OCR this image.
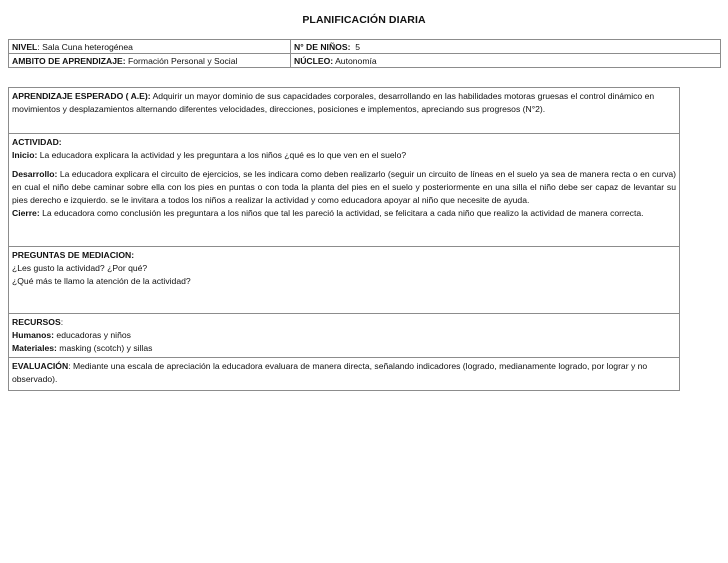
PLANIFICACIÓN DIARIA
NIVEL: Sala Cuna heterogénea	N° DE NIÑOS: 5
AMBITO DE APRENDIZAJE: Formación Personal y Social	NÚCLEO: Autonomía
APRENDIZAJE ESPERADO ( A.E): Adquirir un mayor dominio de sus capacidades corporales, desarrollando en las habilidades motoras gruesas el control dinámico en movimientos y desplazamientos alternando diferentes velocidades, direcciones, posiciones e implementos, apreciando sus progresos (N°2).

ACTIVIDAD:
Inicio: La educadora explicara la actividad y les preguntara a los niños ¿qué es lo que ven en el suelo?
Desarrollo: La educadora explicara el circuito de ejercicios, se les indicara como deben realizarlo (seguir un circuito de líneas en el suelo ya sea de manera recta o en curva) en cual el niño debe caminar sobre ella con los pies en puntas o con toda la planta del pies en el suelo y posteriormente en una silla el niño debe ser capaz de levantar su pies derecho e izquierdo. se le invitara a todos los niños a realizar la actividad y como educadora apoyar al niño que necesite de ayuda.
Cierre: La educadora como conclusión les preguntara a los niños que tal les pareció la actividad, se felicitara a cada niño que realizo la actividad de manera correcta.

PREGUNTAS DE MEDIACION:
¿Les gusto la actividad? ¿Por qué?
¿Qué más te llamo la atención de la actividad?

RECURSOS:
Humanos: educadoras y niños
Materiales: masking (scotch) y sillas

EVALUACIÓN: Mediante una escala de apreciación la educadora evaluara de manera directa, señalando indicadores (logrado, medianamente logrado, por lograr y no observado).
